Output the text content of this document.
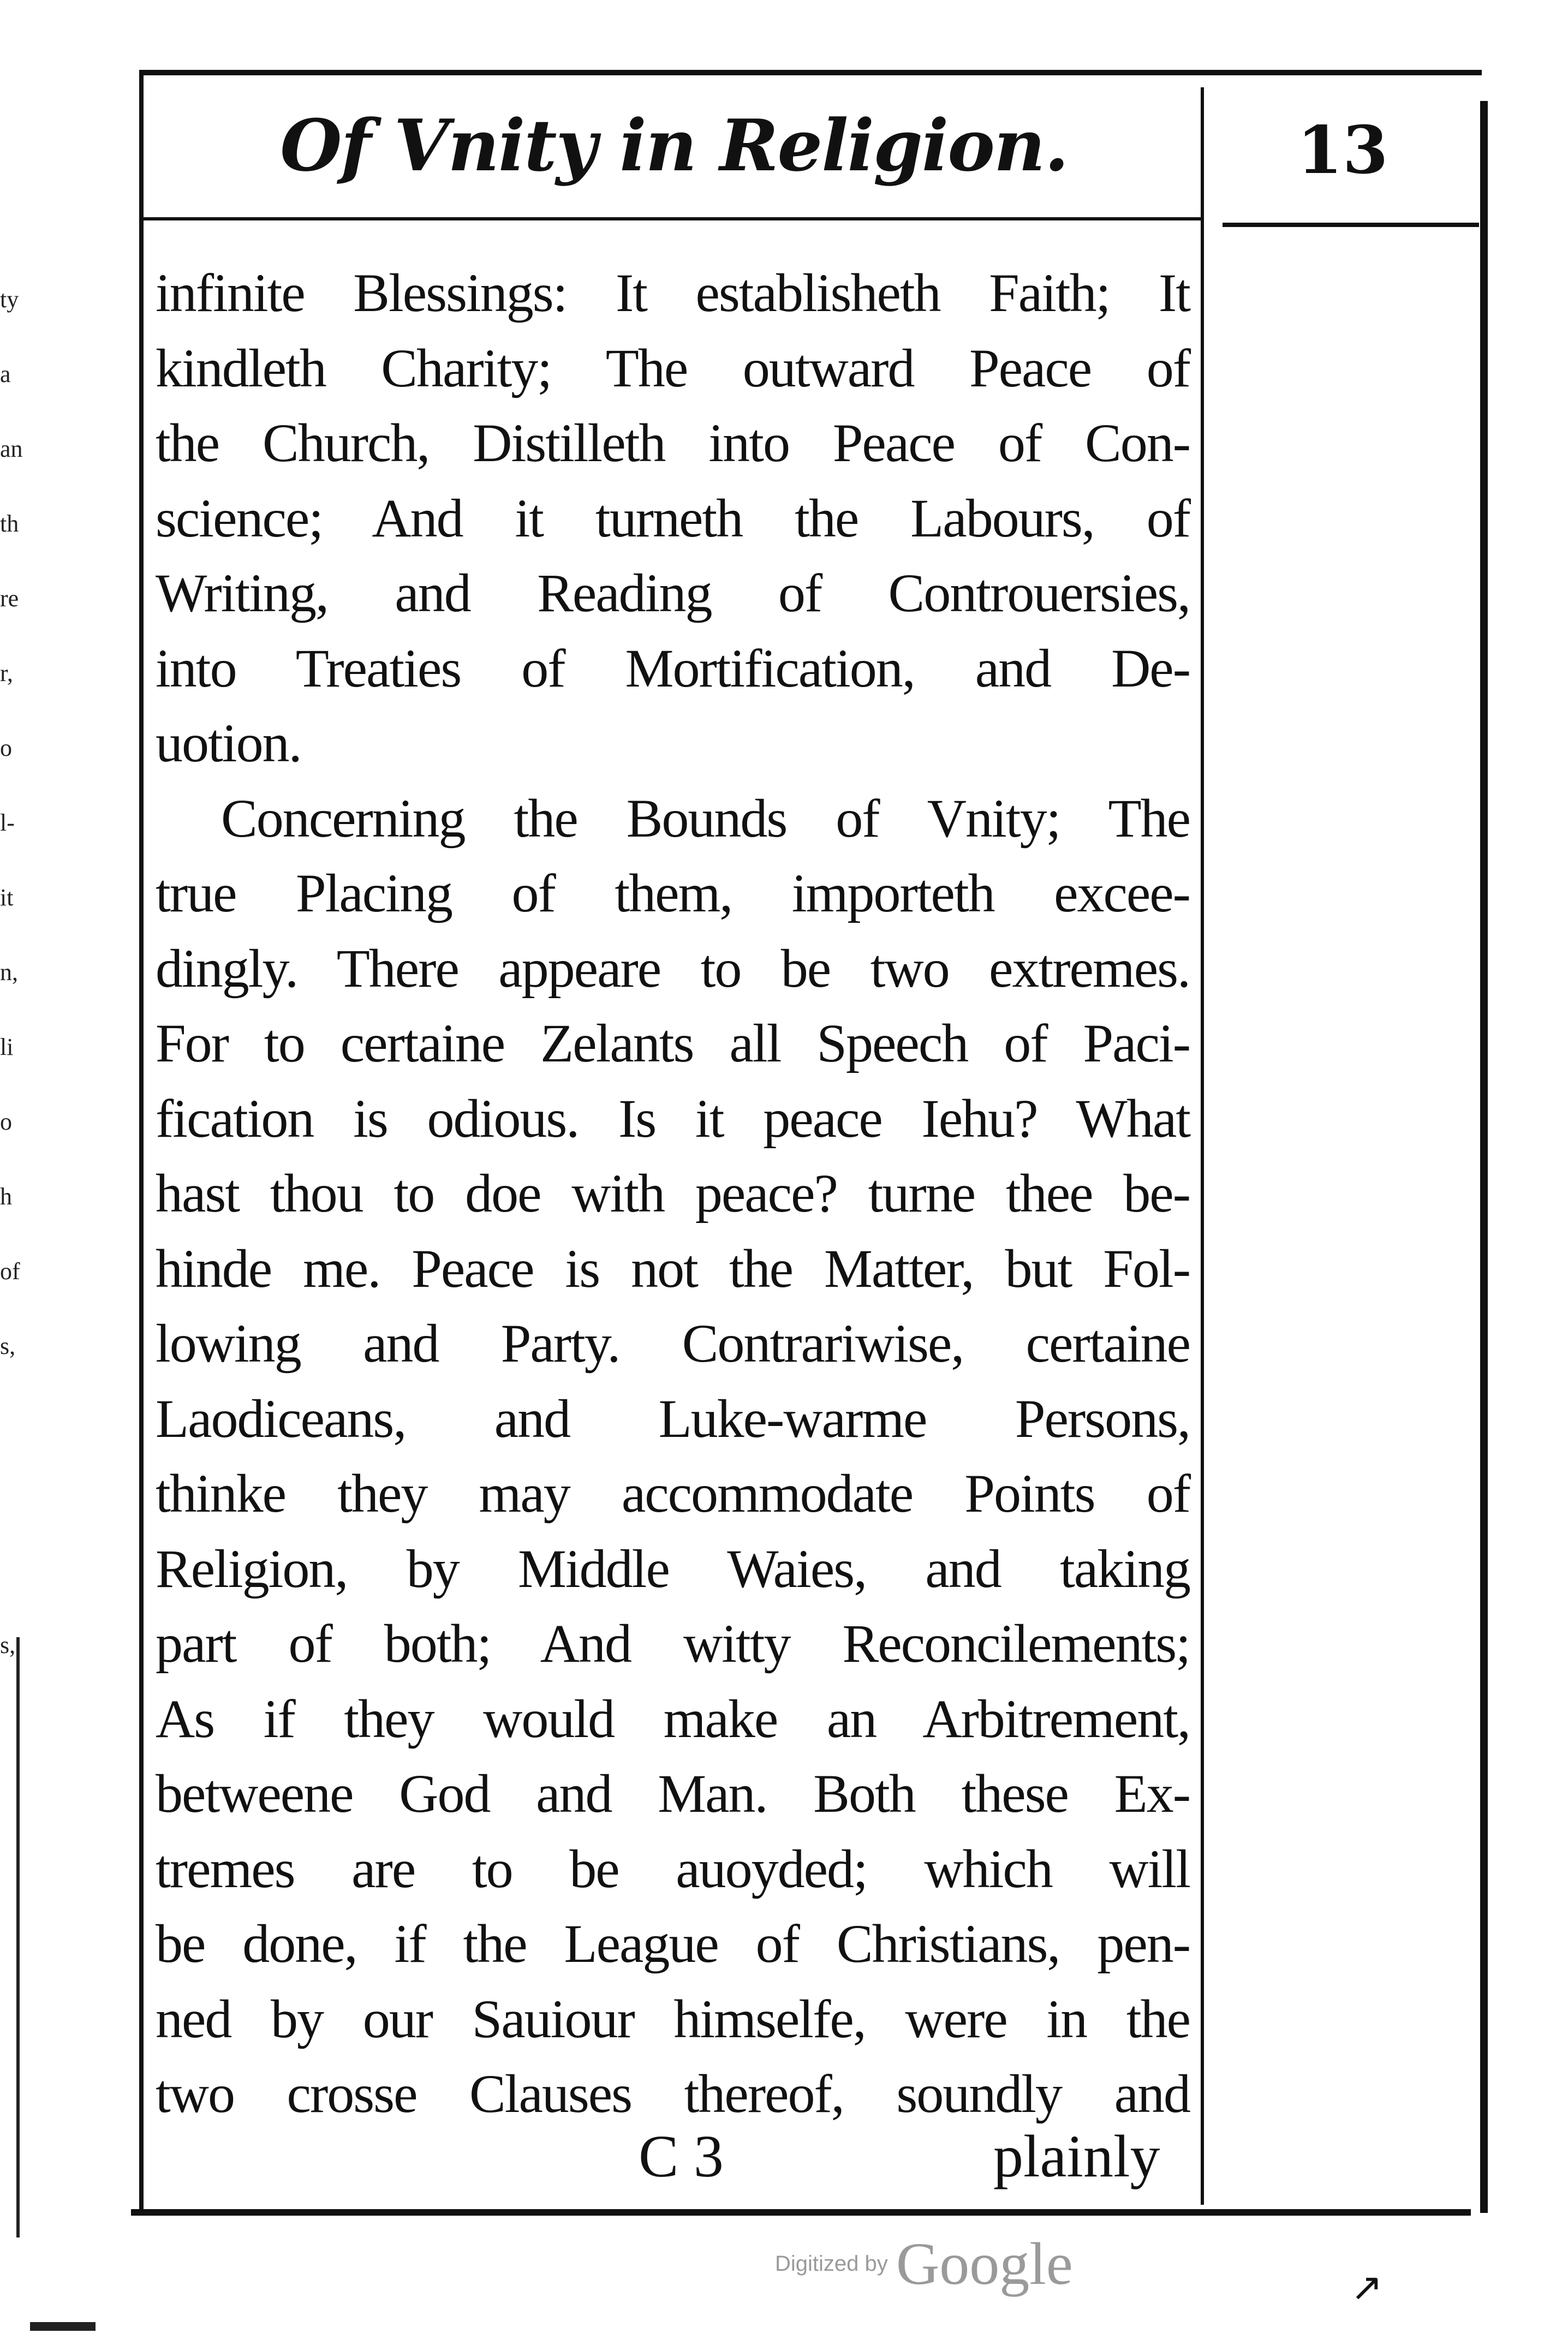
ty
a
an
th
re
r,
o
l-
it
n,
li
o
h
of
s,

s,

Of Vnity in Religion.	13
infinite Blessings: It establisheth Faith; It
kindleth Charity; The outward Peace of
the Church, Distilleth into Peace of Con-
science; And it turneth the Labours, of
Writing, and Reading of Controuersies,
into Treaties of Mortification, and De-
uotion.
Concerning the Bounds of Vnity; The
true Placing of them, importeth excee-
dingly. There appeare to be two extremes.
For to certaine Zelants all Speech of Paci-
fication is odious. Is it peace Iehu? What
hast thou to doe with peace? turne thee be-
hinde me. Peace is not the Matter, but Fol-
lowing and Party. Contrariwise, certaine
Laodiceans, and Luke-warme Persons,
thinke they may accommodate Points of
Religion, by Middle Waies, and taking
part of both; And witty Reconcilements;
As if they would make an Arbitrement,
betweene God and Man. Both these Ex-
tremes are to be auoyded; which will
be done, if the League of Christians, pen-
ned by our Sauiour himselfe, were in the
two crosse Clauses thereof, soundly and
C 3	plainly
Digitized by Google	↗
